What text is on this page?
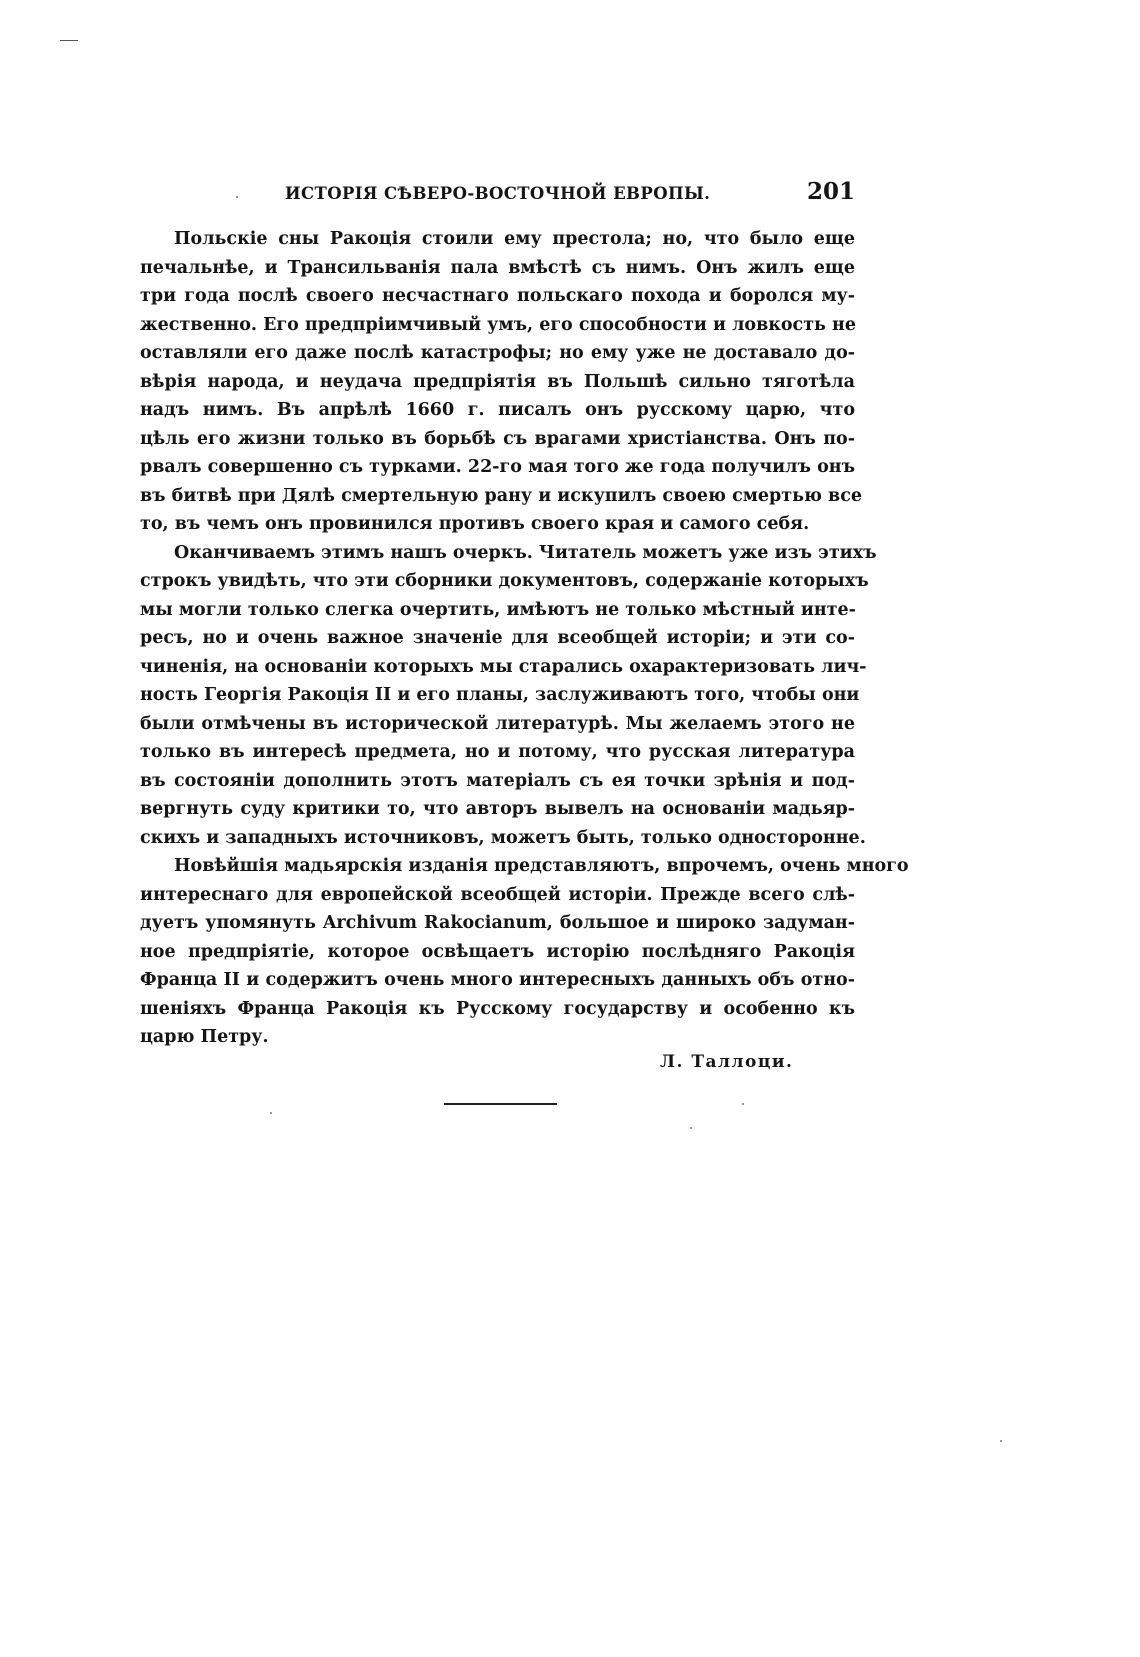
ИСТОРІЯ СѢВЕРО-ВОСТОЧНОЙ ЕВРОПЫ.	201

Польскіе сны Ракоція стоили ему престола; но, что было еще
печальнѣе, и Трансильванія пала вмѣстѣ съ нимъ. Онъ жилъ еще
три года послѣ своего несчастнаго польскаго похода и боролся му-
жественно. Его предпріимчивый умъ, его способности и ловкость не
оставляли его даже послѣ катастрофы; но ему уже не доставало до-
вѣрія народа, и неудача предпріятія въ Польшѣ сильно тяготѣла
надъ нимъ. Въ апрѣлѣ 1660 г. писалъ онъ русскому царю, что
цѣль его жизни только въ борьбѣ съ врагами христіанства. Онъ по-
рвалъ совершенно съ турками. 22-го мая того же года получилъ онъ
въ битвѣ при Дялѣ смертельную рану и искупилъ своею смертью все
то, въ чемъ онъ провинился противъ своего края и самого себя.

Оканчиваемъ этимъ нашъ очеркъ. Читатель можетъ уже изъ этихъ
строкъ увидѣть, что эти сборники документовъ, содержаніе которыхъ
мы могли только слегка очертить, имѣютъ не только мѣстный инте-
ресъ, но и очень важное значеніе для всеобщей исторіи; и эти со-
чиненія, на основаніи которыхъ мы старались охарактеризовать лич-
ность Георгія Ракоція II и его планы, заслуживаютъ того, чтобы они
были отмѣчены въ исторической литературѣ. Мы желаемъ этого не
только въ интересѣ предмета, но и потому, что русская литература
въ состояніи дополнить этотъ матеріалъ съ ея точки зрѣнія и под-
вергнуть суду критики то, что авторъ вывелъ на основаніи мадьяр-
скихъ и западныхъ источниковъ, можетъ быть, только односторонне.

Новѣйшія мадьярскія изданія представляютъ, впрочемъ, очень много
интереснаго для европейской всеобщей исторіи. Прежде всего слѣ-
дуетъ упомянуть Archivum Rakocianum, большое и широко задуман-
ное предпріятіе, которое освѣщаетъ исторію послѣдняго Ракоція
Франца II и содержитъ очень много интересныхъ данныхъ объ отно-
шеніяхъ Франца Ракоція къ Русскому государству и особенно къ
царю Петру.

Л. Таллоци.
